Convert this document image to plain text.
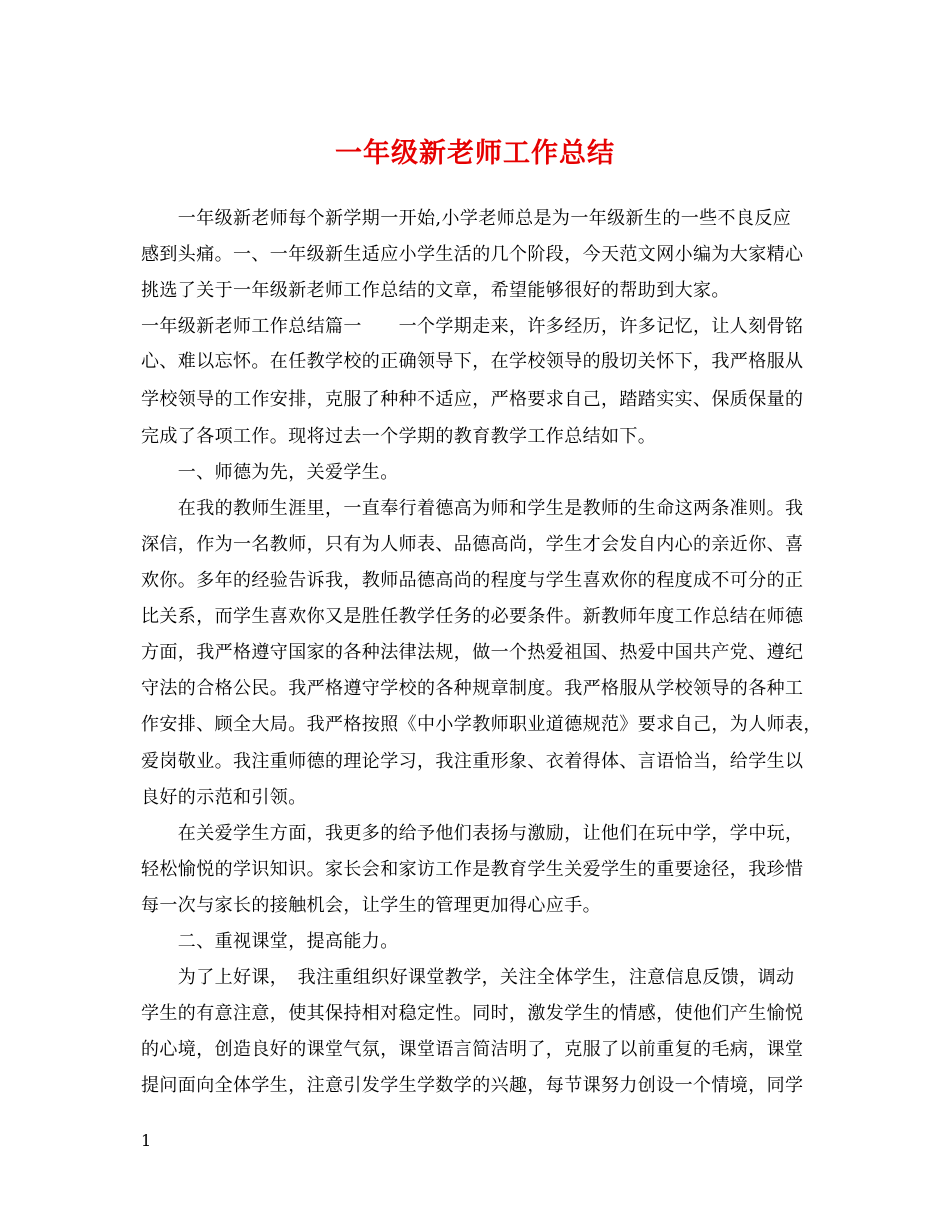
一年级新老师工作总结
　　一年级新老师每个新学期一开始,小学老师总是为一年级新生的一些不良反应
感到头痛。一、一年级新生适应小学生活的几个阶段，今天范文网小编为大家精心
挑选了关于一年级新老师工作总结的文章，希望能够很好的帮助到大家。
一年级新老师工作总结篇一　　一个学期走来，许多经历，许多记忆，让人刻骨铭
心、难以忘怀。在任教学校的正确领导下，在学校领导的殷切关怀下，我严格服从
学校领导的工作安排，克服了种种不适应，严格要求自己，踏踏实实、保质保量的
完成了各项工作。现将过去一个学期的教育教学工作总结如下。
　　一、师德为先，关爱学生。
　　在我的教师生涯里，一直奉行着德高为师和学生是教师的生命这两条准则。我
深信，作为一名教师，只有为人师表、品德高尚，学生才会发自内心的亲近你、喜
欢你。多年的经验告诉我，教师品德高尚的程度与学生喜欢你的程度成不可分的正
比关系，而学生喜欢你又是胜任教学任务的必要条件。新教师年度工作总结在师德
方面，我严格遵守国家的各种法律法规，做一个热爱祖国、热爱中国共产党、遵纪
守法的合格公民。我严格遵守学校的各种规章制度。我严格服从学校领导的各种工
作安排、顾全大局。我严格按照《中小学教师职业道德规范》要求自己，为人师表，
爱岗敬业。我注重师德的理论学习，我注重形象、衣着得体、言语恰当，给学生以
良好的示范和引领。
　　在关爱学生方面，我更多的给予他们表扬与激励，让他们在玩中学，学中玩，
轻松愉悦的学识知识。家长会和家访工作是教育学生关爱学生的重要途径，我珍惜
每一次与家长的接触机会，让学生的管理更加得心应手。
　　二、重视课堂，提高能力。
　　为了上好课，　我注重组织好课堂教学，关注全体学生，注意信息反馈，调动
学生的有意注意，使其保持相对稳定性。同时，激发学生的情感，使他们产生愉悦
的心境，创造良好的课堂气氛，课堂语言简洁明了，克服了以前重复的毛病，课堂
提问面向全体学生，注意引发学生学数学的兴趣，每节课努力创设一个情境，同学
1
